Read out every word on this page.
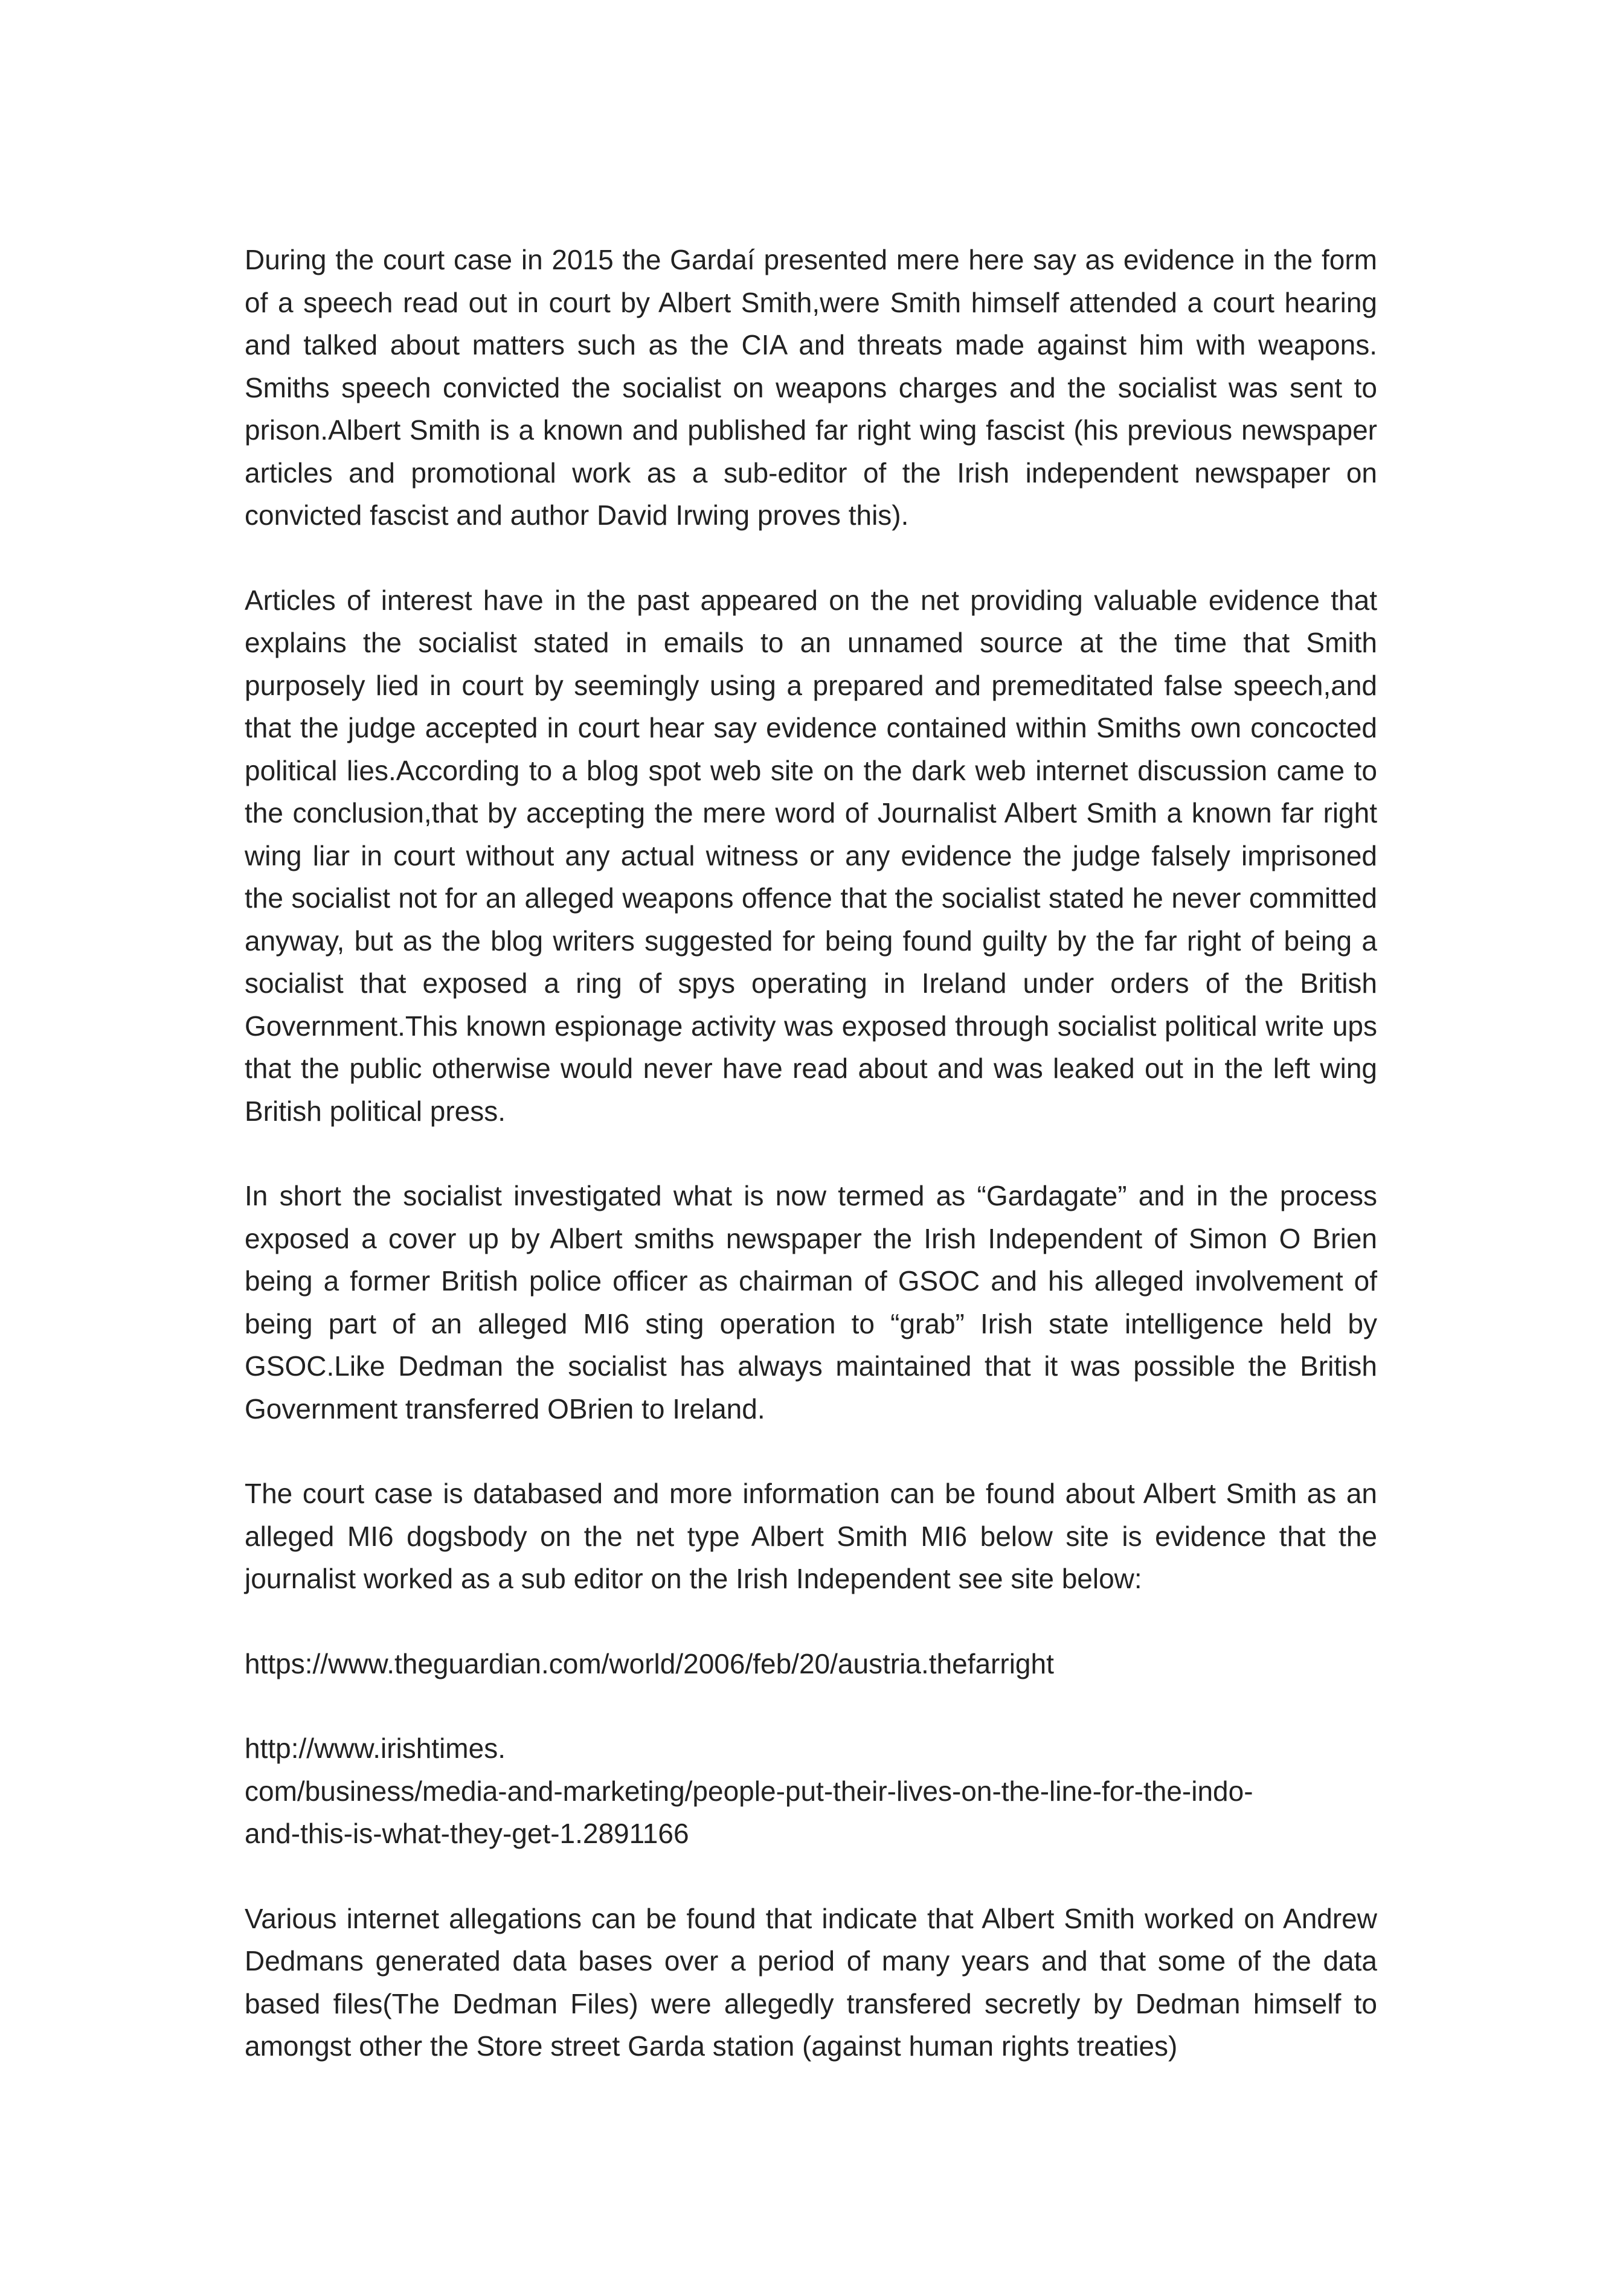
During the court case in 2015 the Gardaí presented mere here say as evidence in the form of a speech read out in court by Albert Smith,were Smith himself attended a court hearing and talked about matters such as the CIA and threats made against him with weapons. Smiths speech convicted the socialist on weapons charges and the socialist was sent to prison.Albert Smith is a known and published far right wing fascist (his previous newspaper articles and promotional work as a sub-editor of the Irish independent newspaper on convicted fascist and author David Irwing proves this).

Articles of interest have in the past appeared on the net providing valuable evidence that explains the socialist stated in emails to an unnamed source at the time that Smith purposely lied in court by seemingly using a prepared and premeditated false speech,and that the judge accepted in court hear say evidence contained within Smiths own concocted political lies.According to a blog spot web site on the dark web internet discussion came to the conclusion,that by accepting the mere word of Journalist Albert Smith a known far right wing liar in court without any actual witness or any evidence the judge falsely imprisoned the socialist not for an alleged weapons offence that the socialist stated he never committed anyway, but as the blog writers suggested for being found guilty by the far right of being a socialist that exposed a ring of spys operating in Ireland under orders of the British Government.This known espionage activity was exposed through socialist political write ups that the public otherwise would never have read about and was leaked out in the left wing British political press.

In short the socialist investigated what is now termed as “Gardagate” and in the process exposed a cover up by Albert smiths newspaper the Irish Independent of Simon O Brien being a former British police officer as chairman of GSOC and his alleged involvement of being part of an alleged MI6 sting operation to “grab” Irish state intelligence held by GSOC.Like Dedman the socialist has always maintained that it was possible the British Government transferred OBrien to Ireland.

The court case is databased and more information can be found about Albert Smith as an alleged MI6 dogsbody on the net type Albert Smith MI6 below site is evidence that the journalist worked as a sub editor on the Irish Independent see site below:

https://www.theguardian.com/world/2006/feb/20/austria.thefarright

http://www.irishtimes.
com/business/media-and-marketing/people-put-their-lives-on-the-line-for-the-indo-
and-this-is-what-they-get-1.2891166

Various internet allegations can be found that indicate that Albert Smith worked on Andrew Dedmans generated data bases over a period of many years and that some of the data based files(The Dedman Files) were allegedly transfered secretly by Dedman himself to amongst other the Store street Garda station (against human rights treaties)
